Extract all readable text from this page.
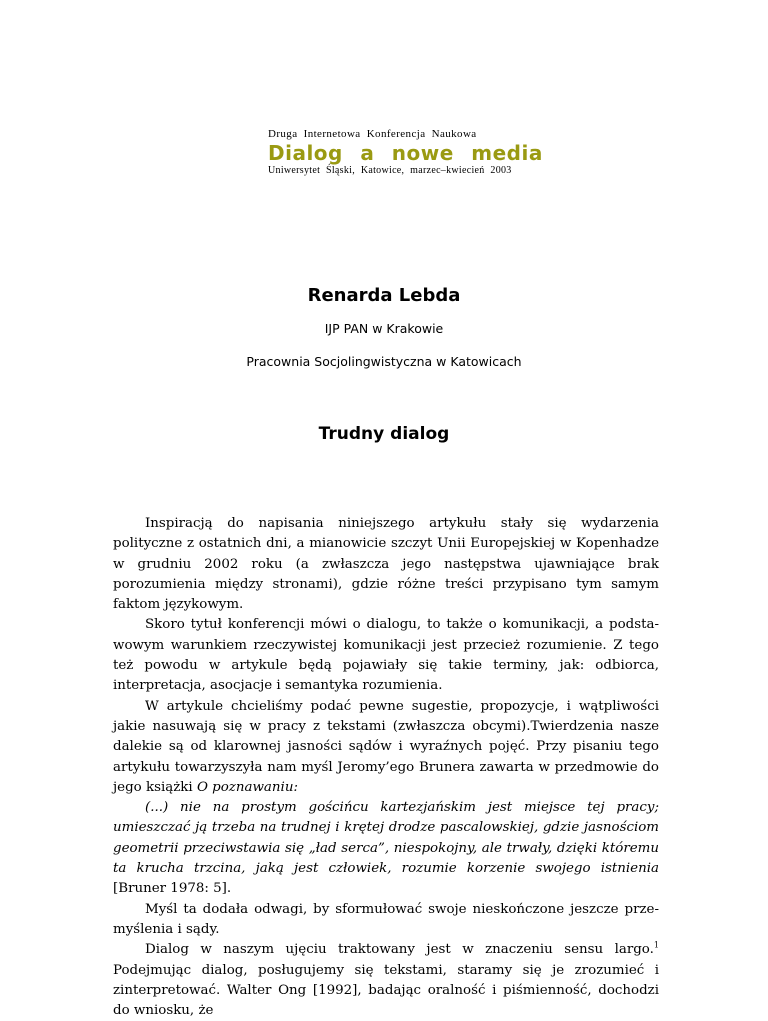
Druga Internetowa Konferencja Naukowa
Dialog a nowe media
Uniwersytet Śląski, Katowice, marzec–kwiecień 2003
Renarda Lebda
IJP PAN w Krakowie
Pracownia Socjolingwistyczna w Katowicach
Trudny dialog

Inspiracją do napisania niniejszego artykułu stały się wydarzenia polityczne z ostatnich dni, a mianowicie szczyt Unii Europejskiej w Kopenhadze w grudniu 2002 roku (a zwłaszcza jego następstwa ujawniające brak porozumienia między stronami), gdzie różne treści przypisano tym samym faktom językowym.

Skoro tytuł konferencji mówi o dialogu, to także o komunikacji, a podstawowym warunkiem rzeczywistej komunikacji jest przecież rozumienie. Z tego też powodu w artykule będą pojawiały się takie terminy, jak: odbiorca, interpretacja, asocjacje i semantyka rozumienia.

W artykule chcieliśmy podać pewne sugestie, propozycje, i wątpliwości jakie nasuwają się w pracy z tekstami (zwłaszcza obcymi).Twierdzenia nasze dalekie są od klarownej jasności sądów i wyraźnych pojęć. Przy pisaniu tego artykułu towarzyszyła nam myśl Jeromy’ego Brunera zawarta w przedmowie do jego książki O poznawaniu:

(...) nie na prostym gościńcu kartezjańskim jest miejsce tej pracy; umieszczać ją trzeba na trudnej i krętej drodze pascalowskiej, gdzie jasnościom geometrii przeciwstawia się „ład serca”, niespokojny, ale trwały, dzięki któremu ta krucha trzcina, jaką jest człowiek, rozumie korzenie swojego istnienia [Bruner 1978: 5].

Myśl ta dodała odwagi, by sformułować swoje nieskończone jeszcze przemyślenia i sądy.

Dialog w naszym ujęciu traktowany jest w znaczeniu sensu largo.$^1$ Podejmując dialog, posługujemy się tekstami, staramy się je zrozumieć i zinterpretować. Walter Ong [1992], badając oralność i piśmienność, dochodzi do wniosku, że
